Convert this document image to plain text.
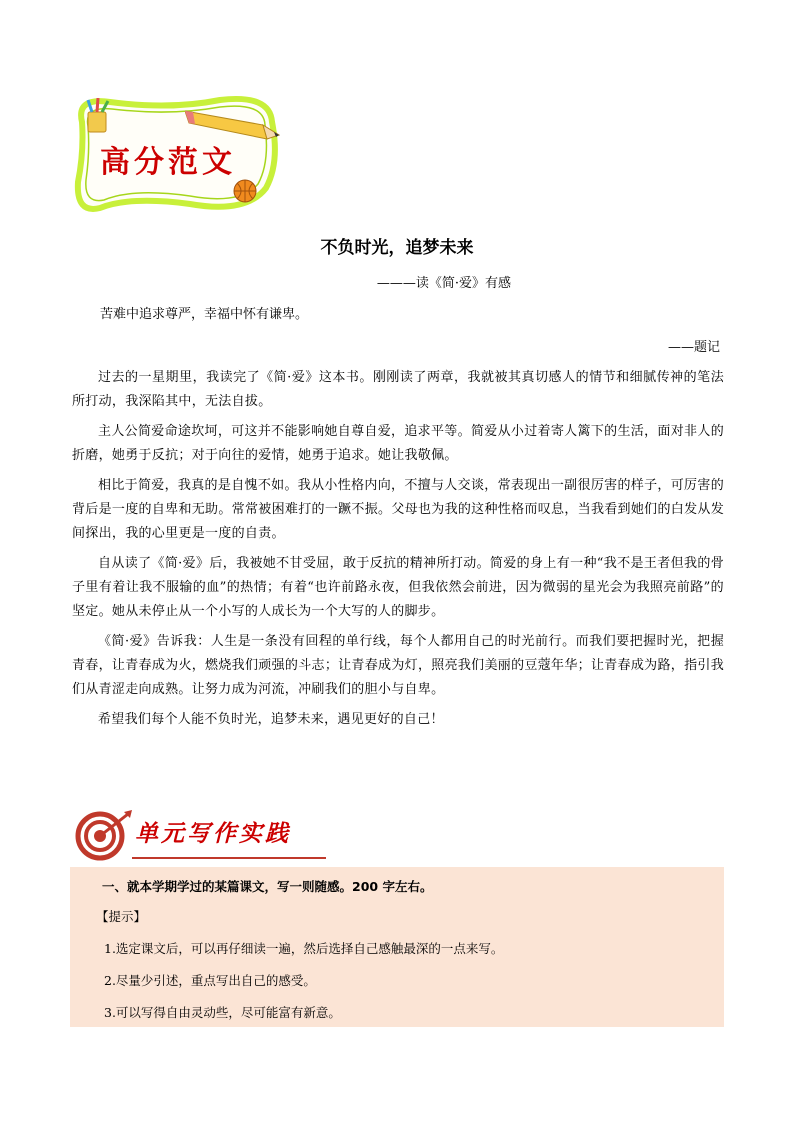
高分范文
不负时光，追梦未来
———读《简·爱》有感
苦难中追求尊严，幸福中怀有谦卑。
——题记

过去的一星期里，我读完了《简·爱》这本书。刚刚读了两章，我就被其真切感人的情节和细腻传神的笔法所打动，我深陷其中，无法自拔。

主人公简爱命途坎坷，可这并不能影响她自尊自爱，追求平等。简爱从小过着寄人篱下的生活，面对非人的折磨，她勇于反抗；对于向往的爱情，她勇于追求。她让我敬佩。

相比于简爱，我真的是自愧不如。我从小性格内向，不擅与人交谈，常表现出一副很厉害的样子，可厉害的背后是一度的自卑和无助。常常被困难打的一蹶不振。父母也为我的这种性格而叹息，当我看到她们的白发从发间探出，我的心里更是一度的自责。

自从读了《简·爱》后，我被她不甘受屈，敢于反抗的精神所打动。简爱的身上有一种“我不是王者但我的骨子里有着让我不服输的血”的热情；有着“也许前路永夜，但我依然会前进，因为微弱的星光会为我照亮前路”的坚定。她从未停止从一个小写的人成长为一个大写的人的脚步。

《简·爱》告诉我：人生是一条没有回程的单行线，每个人都用自己的时光前行。而我们要把握时光，把握青春，让青春成为火，燃烧我们顽强的斗志；让青春成为灯，照亮我们美丽的豆蔻年华；让青春成为路，指引我们从青涩走向成熟。让努力成为河流，冲刷我们的胆小与自卑。

希望我们每个人能不负时光，追梦未来，遇见更好的自己！

单元写作实践
一、就本学期学过的某篇课文，写一则随感。200 字左右。
【提示】
1.选定课文后，可以再仔细读一遍，然后选择自己感触最深的一点来写。
2.尽量少引述，重点写出自己的感受。
3.可以写得自由灵动些，尽可能富有新意。
